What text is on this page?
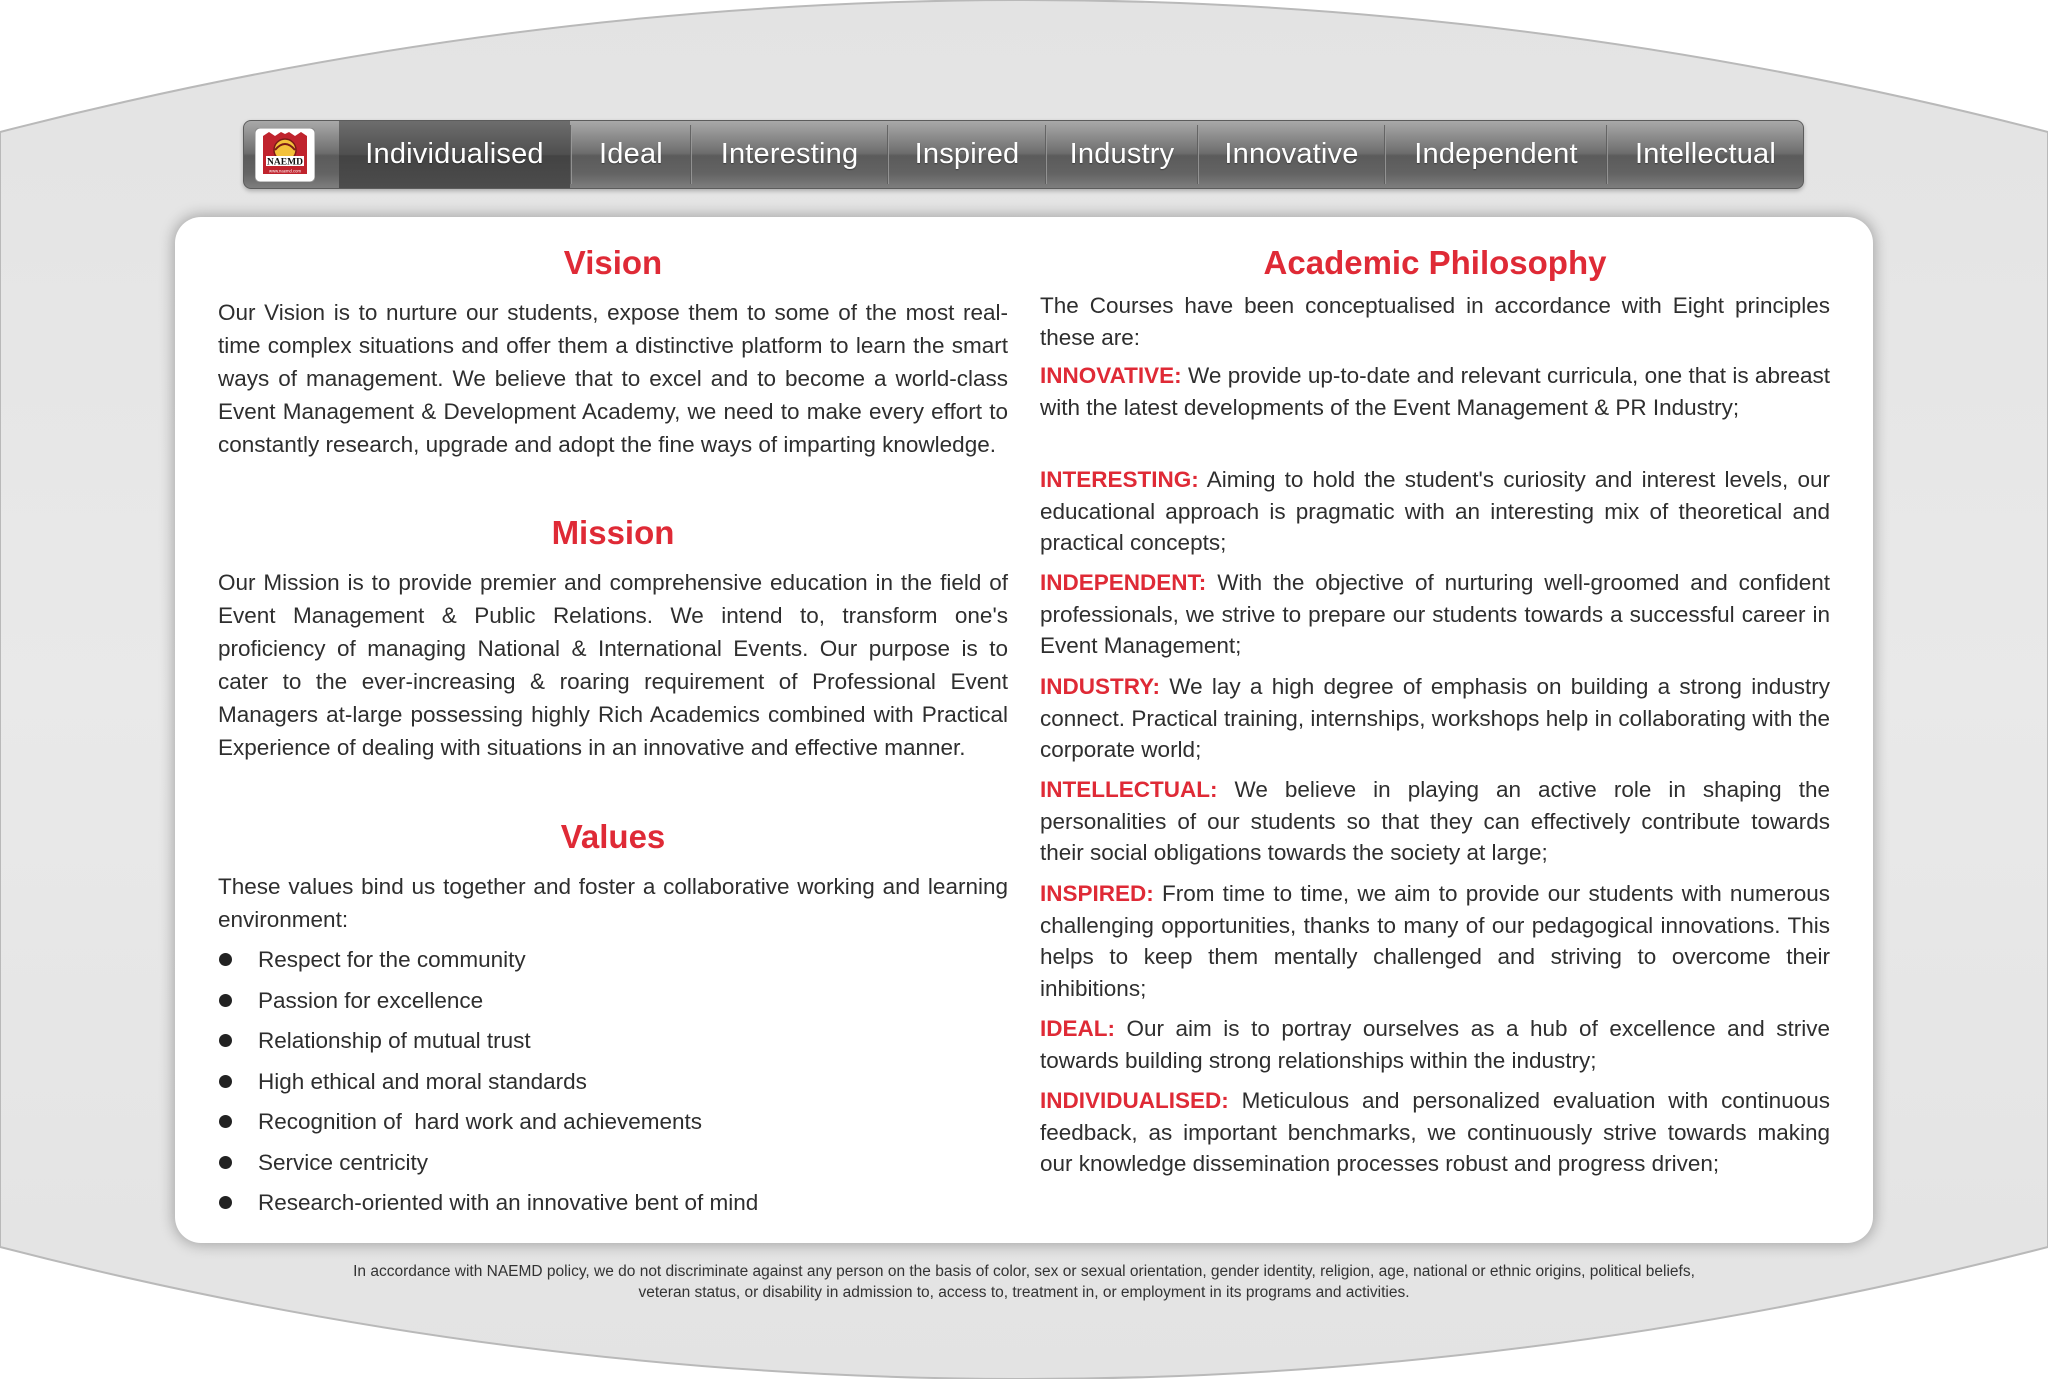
NAEMD
www.naemd.com
Individualised	Ideal	Interesting	Inspired	Industry	Innovative	Independent	Intellectual
Vision

Our Vision is to nurture our students, expose them to some of the most real-time complex situations and offer them a distinctive platform to learn the smart ways of management. We believe that to excel and to become a world-class Event Management & Development Academy, we need to make every effort to constantly research, upgrade and adopt the fine ways of imparting knowledge.

Mission

Our Mission is to provide premier and comprehensive education in the field of Event Management & Public Relations. We intend to, transform one's proficiency of managing National & International Events. Our purpose is to cater to the ever-increasing & roaring requirement of Professional Event Managers at-large possessing highly Rich Academics combined with Practical Experience of dealing with situations in an innovative and effective manner.

Values

These values bind us together and foster a collaborative working and learning environment:

Respect for the community
Passion for excellence
Relationship of mutual trust
High ethical and moral standards
Recognition of  hard work and achievements
Service centricity
Research-oriented with an innovative bent of mind
Academic Philosophy

The Courses have been conceptualised in accordance with Eight principles these are:

INNOVATIVE: We provide up-to-date and relevant curricula, one that is abreast with the latest developments of the Event Management & PR Industry;

INTERESTING: Aiming to hold the student's curiosity and interest levels, our educational approach is pragmatic with an interesting mix of theoretical and practical concepts;

INDEPENDENT: With the objective of nurturing well-groomed and confident professionals, we strive to prepare our students towards a successful career in Event Management;

INDUSTRY: We lay a high degree of emphasis on building a strong industry connect. Practical training, internships, workshops help in collaborating with the corporate world;

INTELLECTUAL: We believe in playing an active role in shaping the personalities of our students so that they can effectively contribute towards their social obligations towards the society at large;

INSPIRED: From time to time, we aim to provide our students with numerous challenging opportunities, thanks to many of our pedagogical innovations. This helps to keep them mentally challenged and striving to overcome their inhibitions;

IDEAL: Our aim is to portray ourselves as a hub of excellence and strive towards building strong relationships within the industry;

INDIVIDUALISED: Meticulous and personalized evaluation with continuous feedback, as important benchmarks, we continuously strive towards making our knowledge dissemination processes robust and progress driven;

In accordance with NAEMD policy, we do not discriminate against any person on the basis of color, sex or sexual orientation, gender identity, religion, age, national or ethnic origins, political beliefs,
veteran status, or disability in admission to, access to, treatment in, or employment in its programs and activities.
